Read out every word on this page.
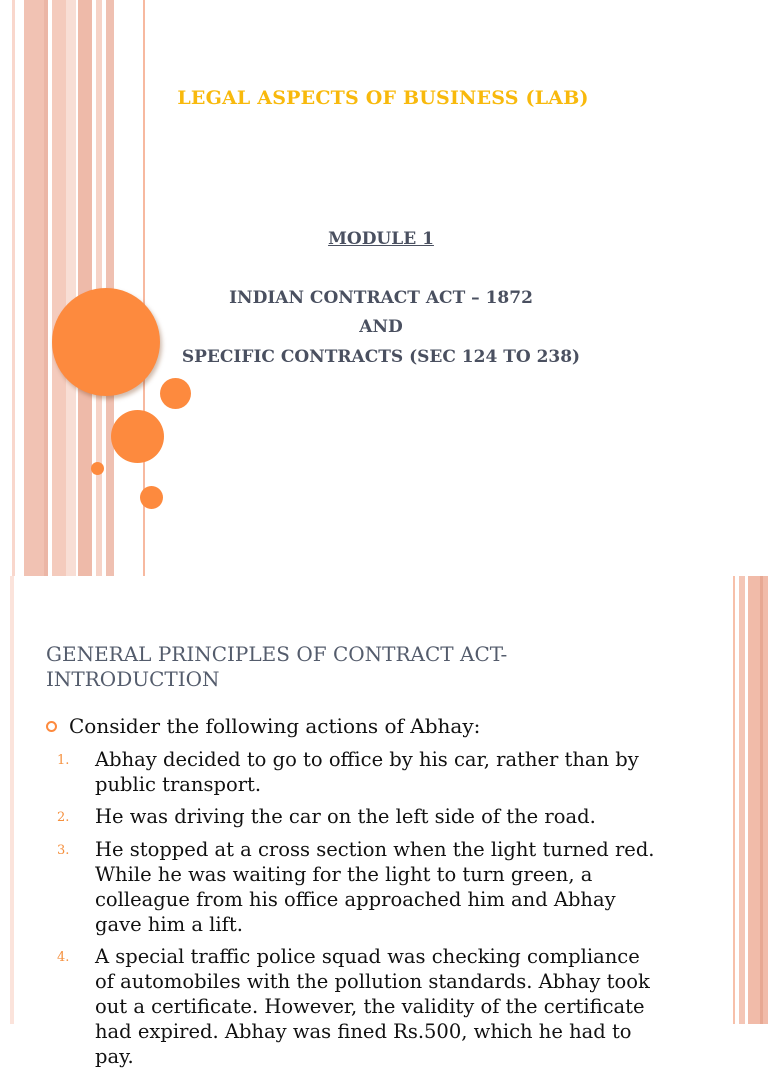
LEGAL ASPECTS OF BUSINESS (LAB)
MODULE 1
INDIAN CONTRACT ACT – 1872
AND
SPECIFIC CONTRACTS (SEC 124 TO 238)
GENERAL PRINCIPLES OF CONTRACT ACT-
INTRODUCTION
Consider the following actions of Abhay:
1.	Abhay decided to go to office by his car, rather than by public transport.
2.	He was driving the car on the left side of the road.
3.	He stopped at a cross section when the light turned red. While he was waiting for the light to turn green, a colleague from his office approached him and Abhay gave him a lift.
4.	A special traffic police squad was checking compliance of automobiles with the pollution standards. Abhay took out a certificate. However, the validity of the certificate had expired. Abhay was fined Rs.500, which he had to pay.
